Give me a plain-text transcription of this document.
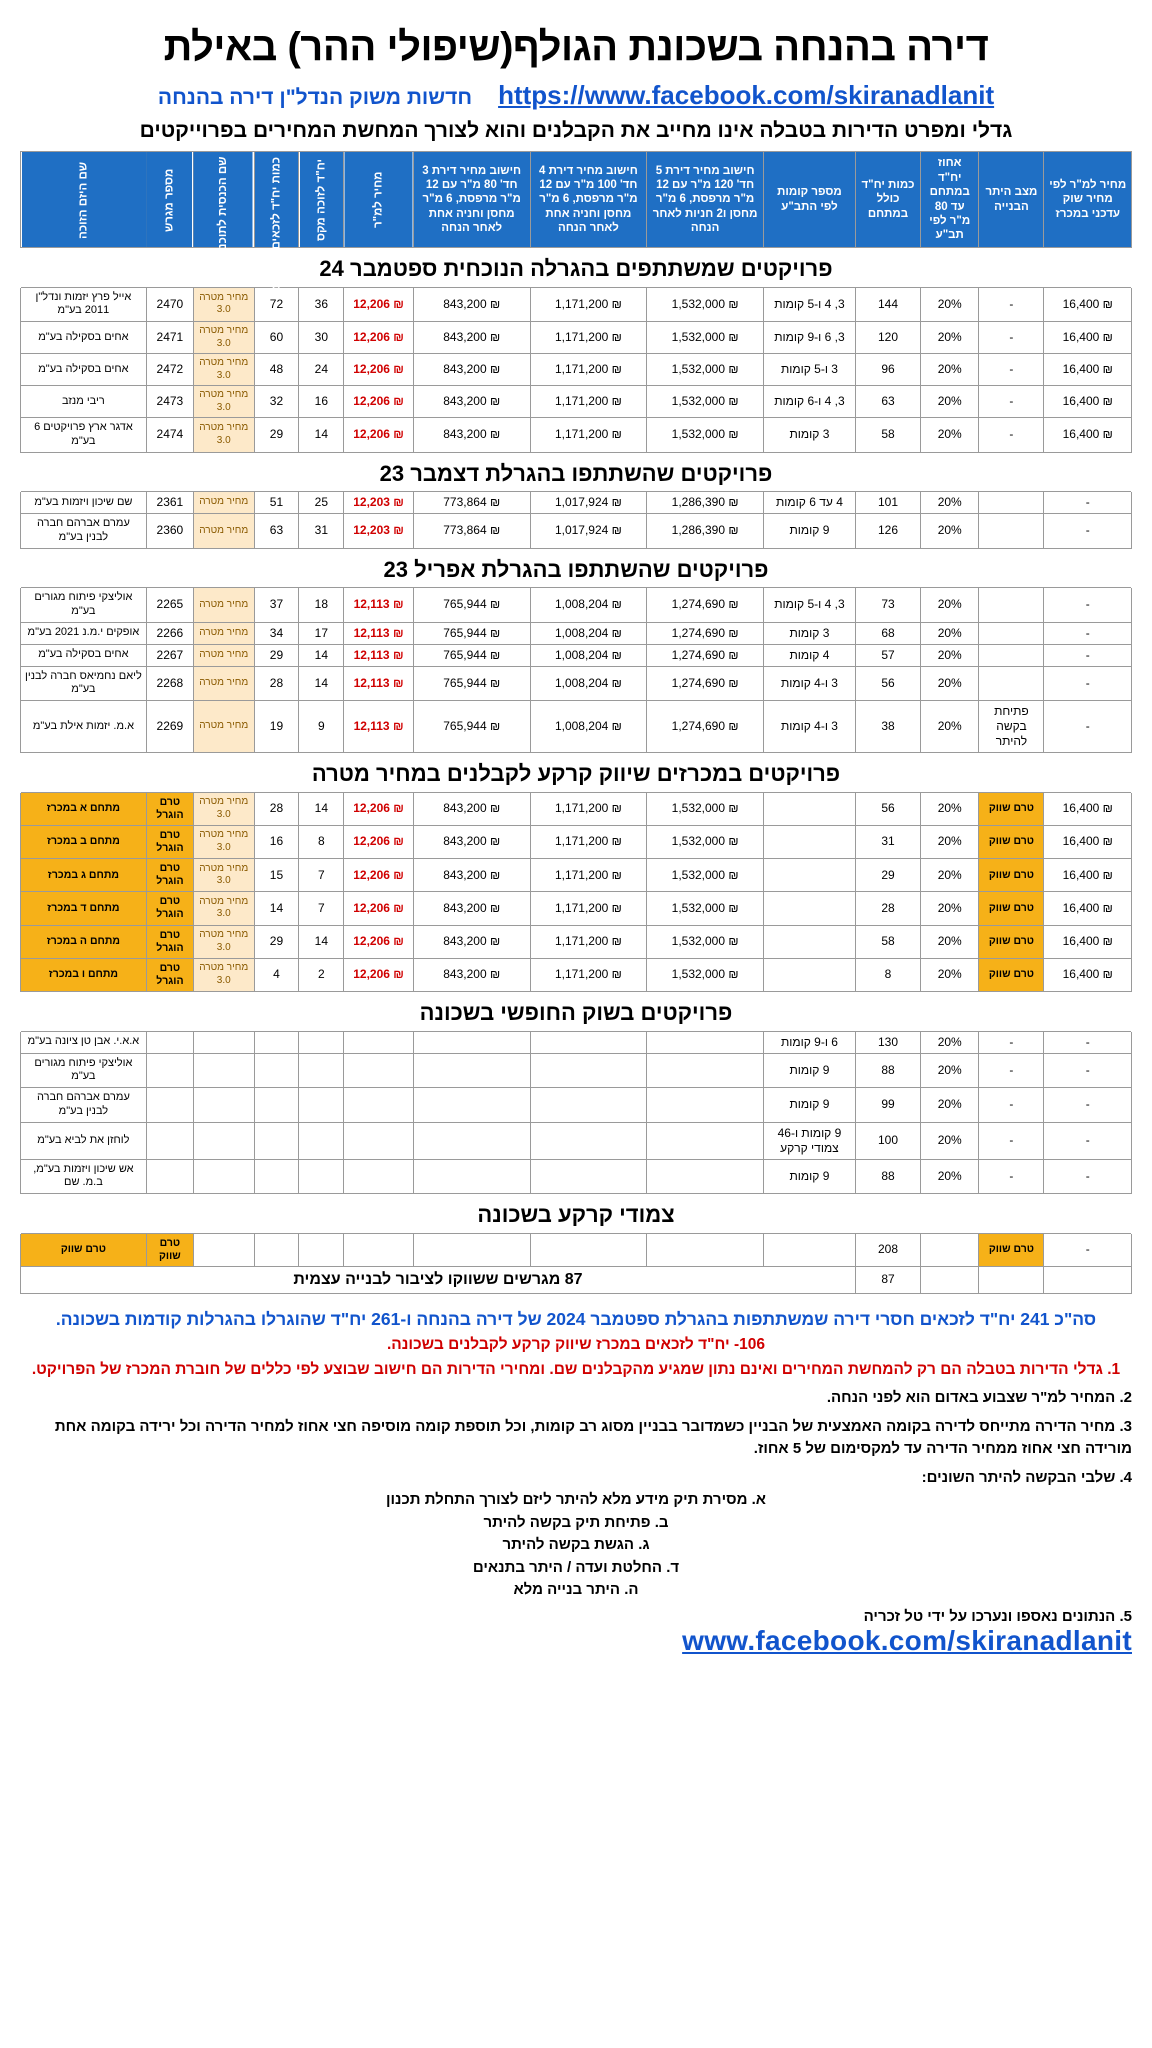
דירה בהנחה בשכונת הגולף(שיפולי ההר) באילת
https://www.facebook.com/skiranadlanit
חדשות משוק הנדל"ן דירה בהנחה
גדלי ומפרט הדירות בטבלה אינו מחייב את הקבלנים והוא לצורך המחשת המחירים בפרוייקטים
מחיר למ"ר לפי מחיר שוק עדכני במכרז	מצב היתר הבנייה	אחוז יח"ד במתחם עד 80 מ"ר לפי תב"ע	כמות יח"ד כולל במתחם	מספר קומות לפי התב"ע	חישוב מחיר דירת 5 חד' 120 מ"ר עם 12 מ"ר מרפסת, 6 מ"ר מחסן ו2 חניות לאחר הנחה	חישוב מחיר דירת 4 חד' 100 מ"ר עם 12 מ"ר מרפסת, 6 מ"ר מחסן וחניה אחת לאחר הנחה	חישוב מחיר דירת 3 חד' 80 מ"ר עם 12 מ"ר מרפסת, 6 מ"ר מחסן וחניה אחת לאחר הנחה	מחיר למ"ר	יח"ד לזוכה מקס	כמות יח"ד לזכאים במתחם	שם הכנסית לתוכנית	מספר מגרש	שם היזם הזוכה
פרויקטים שמשתתפים בהגרלה הנוכחית ספטמבר 24													
16,400 ₪	-	20%	144	3, 4 ו-5 קומות	1,532,000 ₪	1,171,200 ₪	843,200 ₪	12,206 ₪	36	72	מחיר מטרה 3.0	2470	אייל פרץ יזמות ונדל"ן 2011 בע"מ
16,400 ₪	-	20%	120	3, 6 ו-9 קומות	1,532,000 ₪	1,171,200 ₪	843,200 ₪	12,206 ₪	30	60	מחיר מטרה 3.0	2471	אחים בסקילה בע"מ
16,400 ₪	-	20%	96	3 ו-5 קומות	1,532,000 ₪	1,171,200 ₪	843,200 ₪	12,206 ₪	24	48	מחיר מטרה 3.0	2472	אחים בסקילה בע"מ
16,400 ₪	-	20%	63	3, 4 ו-6 קומות	1,532,000 ₪	1,171,200 ₪	843,200 ₪	12,206 ₪	16	32	מחיר מטרה 3.0	2473	ריבי מנזב
16,400 ₪	-	20%	58	3 קומות	1,532,000 ₪	1,171,200 ₪	843,200 ₪	12,206 ₪	14	29	מחיר מטרה 3.0	2474	אדגר ארץ פרויקטים 6 בע"מ
פרויקטים שהשתתפו בהגרלת דצמבר 23													
-		20%	101	4 עד 6 קומות	1,286,390 ₪	1,017,924 ₪	773,864 ₪	12,203 ₪	25	51	מחיר מטרה	2361	שם שיכון ויזמות בע"מ
-		20%	126	9 קומות	1,286,390 ₪	1,017,924 ₪	773,864 ₪	12,203 ₪	31	63	מחיר מטרה	2360	עמרם אברהם חברה לבנין בע"מ
פרויקטים שהשתתפו בהגרלת אפריל 23													
-		20%	73	3, 4 ו-5 קומות	1,274,690 ₪	1,008,204 ₪	765,944 ₪	12,113 ₪	18	37	מחיר מטרה	2265	אוליצקי פיתוח מגורים בע"מ
-		20%	68	3 קומות	1,274,690 ₪	1,008,204 ₪	765,944 ₪	12,113 ₪	17	34	מחיר מטרה	2266	אופקים י.מ.נ 2021 בע"מ
-		20%	57	4 קומות	1,274,690 ₪	1,008,204 ₪	765,944 ₪	12,113 ₪	14	29	מחיר מטרה	2267	אחים בסקילה בע"מ
-		20%	56	3 ו-4 קומות	1,274,690 ₪	1,008,204 ₪	765,944 ₪	12,113 ₪	14	28	מחיר מטרה	2268	ליאם נחמיאס חברה לבנין בע"מ
-	פתיחת בקשה להיתר	20%	38	3 ו-4 קומות	1,274,690 ₪	1,008,204 ₪	765,944 ₪	12,113 ₪	9	19	מחיר מטרה	2269	א.מ. יזמות אילת בע"מ
פרויקטים במכרזים שיווק קרקע לקבלנים במחיר מטרה													
16,400 ₪	טרם שווק	20%	56		1,532,000 ₪	1,171,200 ₪	843,200 ₪	12,206 ₪	14	28	מחיר מטרה 3.0	טרם הוגרל	מתחם א במכרז
16,400 ₪	טרם שווק	20%	31		1,532,000 ₪	1,171,200 ₪	843,200 ₪	12,206 ₪	8	16	מחיר מטרה 3.0	טרם הוגרל	מתחם ב במכרז
16,400 ₪	טרם שווק	20%	29		1,532,000 ₪	1,171,200 ₪	843,200 ₪	12,206 ₪	7	15	מחיר מטרה 3.0	טרם הוגרל	מתחם ג במכרז
16,400 ₪	טרם שווק	20%	28		1,532,000 ₪	1,171,200 ₪	843,200 ₪	12,206 ₪	7	14	מחיר מטרה 3.0	טרם הוגרל	מתחם ד במכרז
16,400 ₪	טרם שווק	20%	58		1,532,000 ₪	1,171,200 ₪	843,200 ₪	12,206 ₪	14	29	מחיר מטרה 3.0	טרם הוגרל	מתחם ה במכרז
16,400 ₪	טרם שווק	20%	8		1,532,000 ₪	1,171,200 ₪	843,200 ₪	12,206 ₪	2	4	מחיר מטרה 3.0	טרם הוגרל	מתחם ו במכרז
פרויקטים בשוק החופשי בשכונה													
-	-	20%	130	6 ו-9 קומות									א.א.י. אבן טן ציונה בע"מ
-	-	20%	88	9 קומות									אוליצקי פיתוח מגורים בע"מ
-	-	20%	99	9 קומות									עמרם אברהם חברה לבנין בע"מ
-	-	20%	100	9 קומות ו-46 צמודי קרקע									לוחזן את לביא בע"מ
-	-	20%	88	9 קומות									אש שיכון ויזמות בע"מ, ב.מ. שם
צמודי קרקע בשכונה													
-	טרם שווק		208									טרם שווק	טרם שווק
			87	87 מגרשים ששווקו לציבור לבנייה עצמית									
סה"כ 241 יח"ד לזכאים חסרי דירה שמשתתפות בהגרלת ספטמבר 2024 של דירה בהנחה ו-261 יח"ד שהוגרלו בהגרלות קודמות בשכונה.
106- יח"ד לזכאים במכרז שיווק קרקע לקבלנים בשכונה.
1. גדלי הדירות בטבלה הם רק להמחשת המחירים ואינם נתון שמגיע מהקבלנים שם. ומחירי הדירות הם חישוב שבוצע לפי כללים של חוברת המכרז של הפרויקט.
2. המחיר למ"ר שצבוע באדום הוא לפני הנחה.
3. מחיר הדירה מתייחס לדירה בקומה האמצעית של הבניין כשמדובר בבניין מסוג רב קומות, וכל תוספת קומה מוסיפה חצי אחוז למחיר הדירה וכל ירידה בקומה אחת מורידה חצי אחוז ממחיר הדירה עד למקסימום של 5 אחוז.
4. שלבי הבקשה להיתר השונים:
א. מסירת תיק מידע מלא להיתר ליזם לצורך התחלת תכנון
ב. פתיחת תיק בקשה להיתר
ג. הגשת בקשה להיתר
ד. החלטת ועדה / היתר בתנאים
ה. היתר בנייה מלא
5. הנתונים נאספו ונערכו על ידי טל זכריה
www.facebook.com/skiranadlanit
